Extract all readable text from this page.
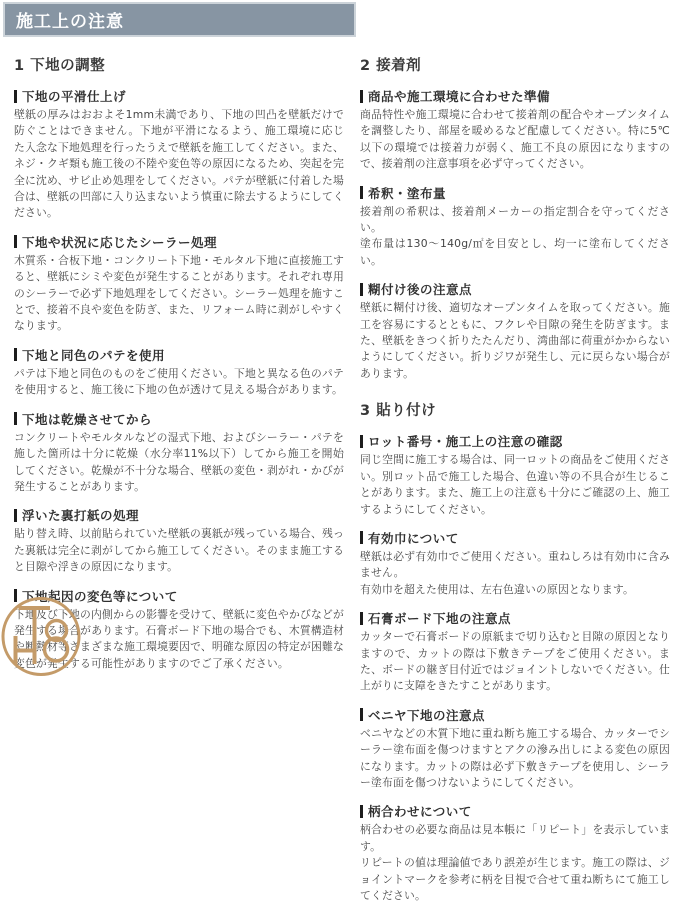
施工上の注意
1 下地の調整
下地の平滑仕上げ

壁紙の厚みはおおよそ1mm未満であり、下地の凹凸を壁紙だけで防ぐことはできません。下地が平滑になるよう、施工環境に応じた入念な下地処理を行ったうえで壁紙を施工してください。また、ネジ・クギ類も施工後の不陸や変色等の原因になるため、突起を完全に沈め、サビ止め処理をしてください。パテが壁紙に付着した場合は、壁紙の凹部に入り込まないよう慎重に除去するようにしてください。

下地や状況に応じたシーラー処理

木質系・合板下地・コンクリート下地・モルタル下地に直接施工すると、壁紙にシミや変色が発生することがあります。それぞれ専用のシーラーで必ず下地処理をしてください。シーラー処理を施すことで、接着不良や変色を防ぎ、また、リフォーム時に剥がしやすくなります。

下地と同色のパテを使用

パテは下地と同色のものをご使用ください。下地と異なる色のパテを使用すると、施工後に下地の色が透けて見える場合があります。

下地は乾燥させてから

コンクリートやモルタルなどの湿式下地、およびシーラー・パテを施した箇所は十分に乾燥（水分率11%以下）してから施工を開始してください。乾燥が不十分な場合、壁紙の変色・剥がれ・かびが発生することがあります。

浮いた裏打紙の処理

貼り替え時、以前貼られていた壁紙の裏紙が残っている場合、残った裏紙は完全に剥がしてから施工してください。そのまま施工すると目隙や浮きの原因になります。

下地起因の変色等について

下地及び下地の内側からの影響を受けて、壁紙に変色やかびなどが発生する場合があります。石膏ボード下地の場合でも、木質構造材や断熱材等さまざまな施工環境要因で、明確な原因の特定が困難な変色が発生する可能性がありますのでご了承ください。

2 接着剤
商品や施工環境に合わせた準備

商品特性や施工環境に合わせて接着剤の配合やオープンタイムを調整したり、部屋を暖めるなど配慮してください。特に5℃以下の環境では接着力が弱く、施工不良の原因になりますので、接着剤の注意事項を必ず守ってください。

希釈・塗布量

接着剤の希釈は、接着剤メーカーの指定割合を守ってください。

塗布量は130〜140g/㎡を目安とし、均一に塗布してください。

糊付け後の注意点

壁紙に糊付け後、適切なオープンタイムを取ってください。施工を容易にするとともに、フクレや目隙の発生を防ぎます。また、壁紙をきつく折りたたんだり、湾曲部に荷重がかからないようにしてください。折りジワが発生し、元に戻らない場合があります。

3 貼り付け
ロット番号・施工上の注意の確認

同じ空間に施工する場合は、同一ロットの商品をご使用ください。別ロット品で施工した場合、色違い等の不具合が生じることがあります。また、施工上の注意も十分にご確認の上、施工するようにしてください。

有効巾について

壁紙は必ず有効巾でご使用ください。重ねしろは有効巾に含みません。

有効巾を超えた使用は、左右色違いの原因となります。

石膏ボード下地の注意点

カッターで石膏ボードの原紙まで切り込むと目隙の原因となりますので、カットの際は下敷きテープをご使用ください。また、ボードの継ぎ目付近ではジョイントしないでください。仕上がりに支障をきたすことがあります。

ベニヤ下地の注意点

ベニヤなどの木質下地に重ね断ち施工する場合、カッターでシーラー塗布面を傷つけますとアクの滲み出しによる変色の原因になります。カットの際は必ず下敷きテープを使用し、シーラー塗布面を傷つけないようにしてください。

柄合わせについて

柄合わせの必要な商品は見本帳に「リピート」を表示しています。

リピートの値は理論値であり誤差が生じます。施工の際は、ジョイントマークを参考に柄を目視で合せて重ね断ちにて施工してください。
